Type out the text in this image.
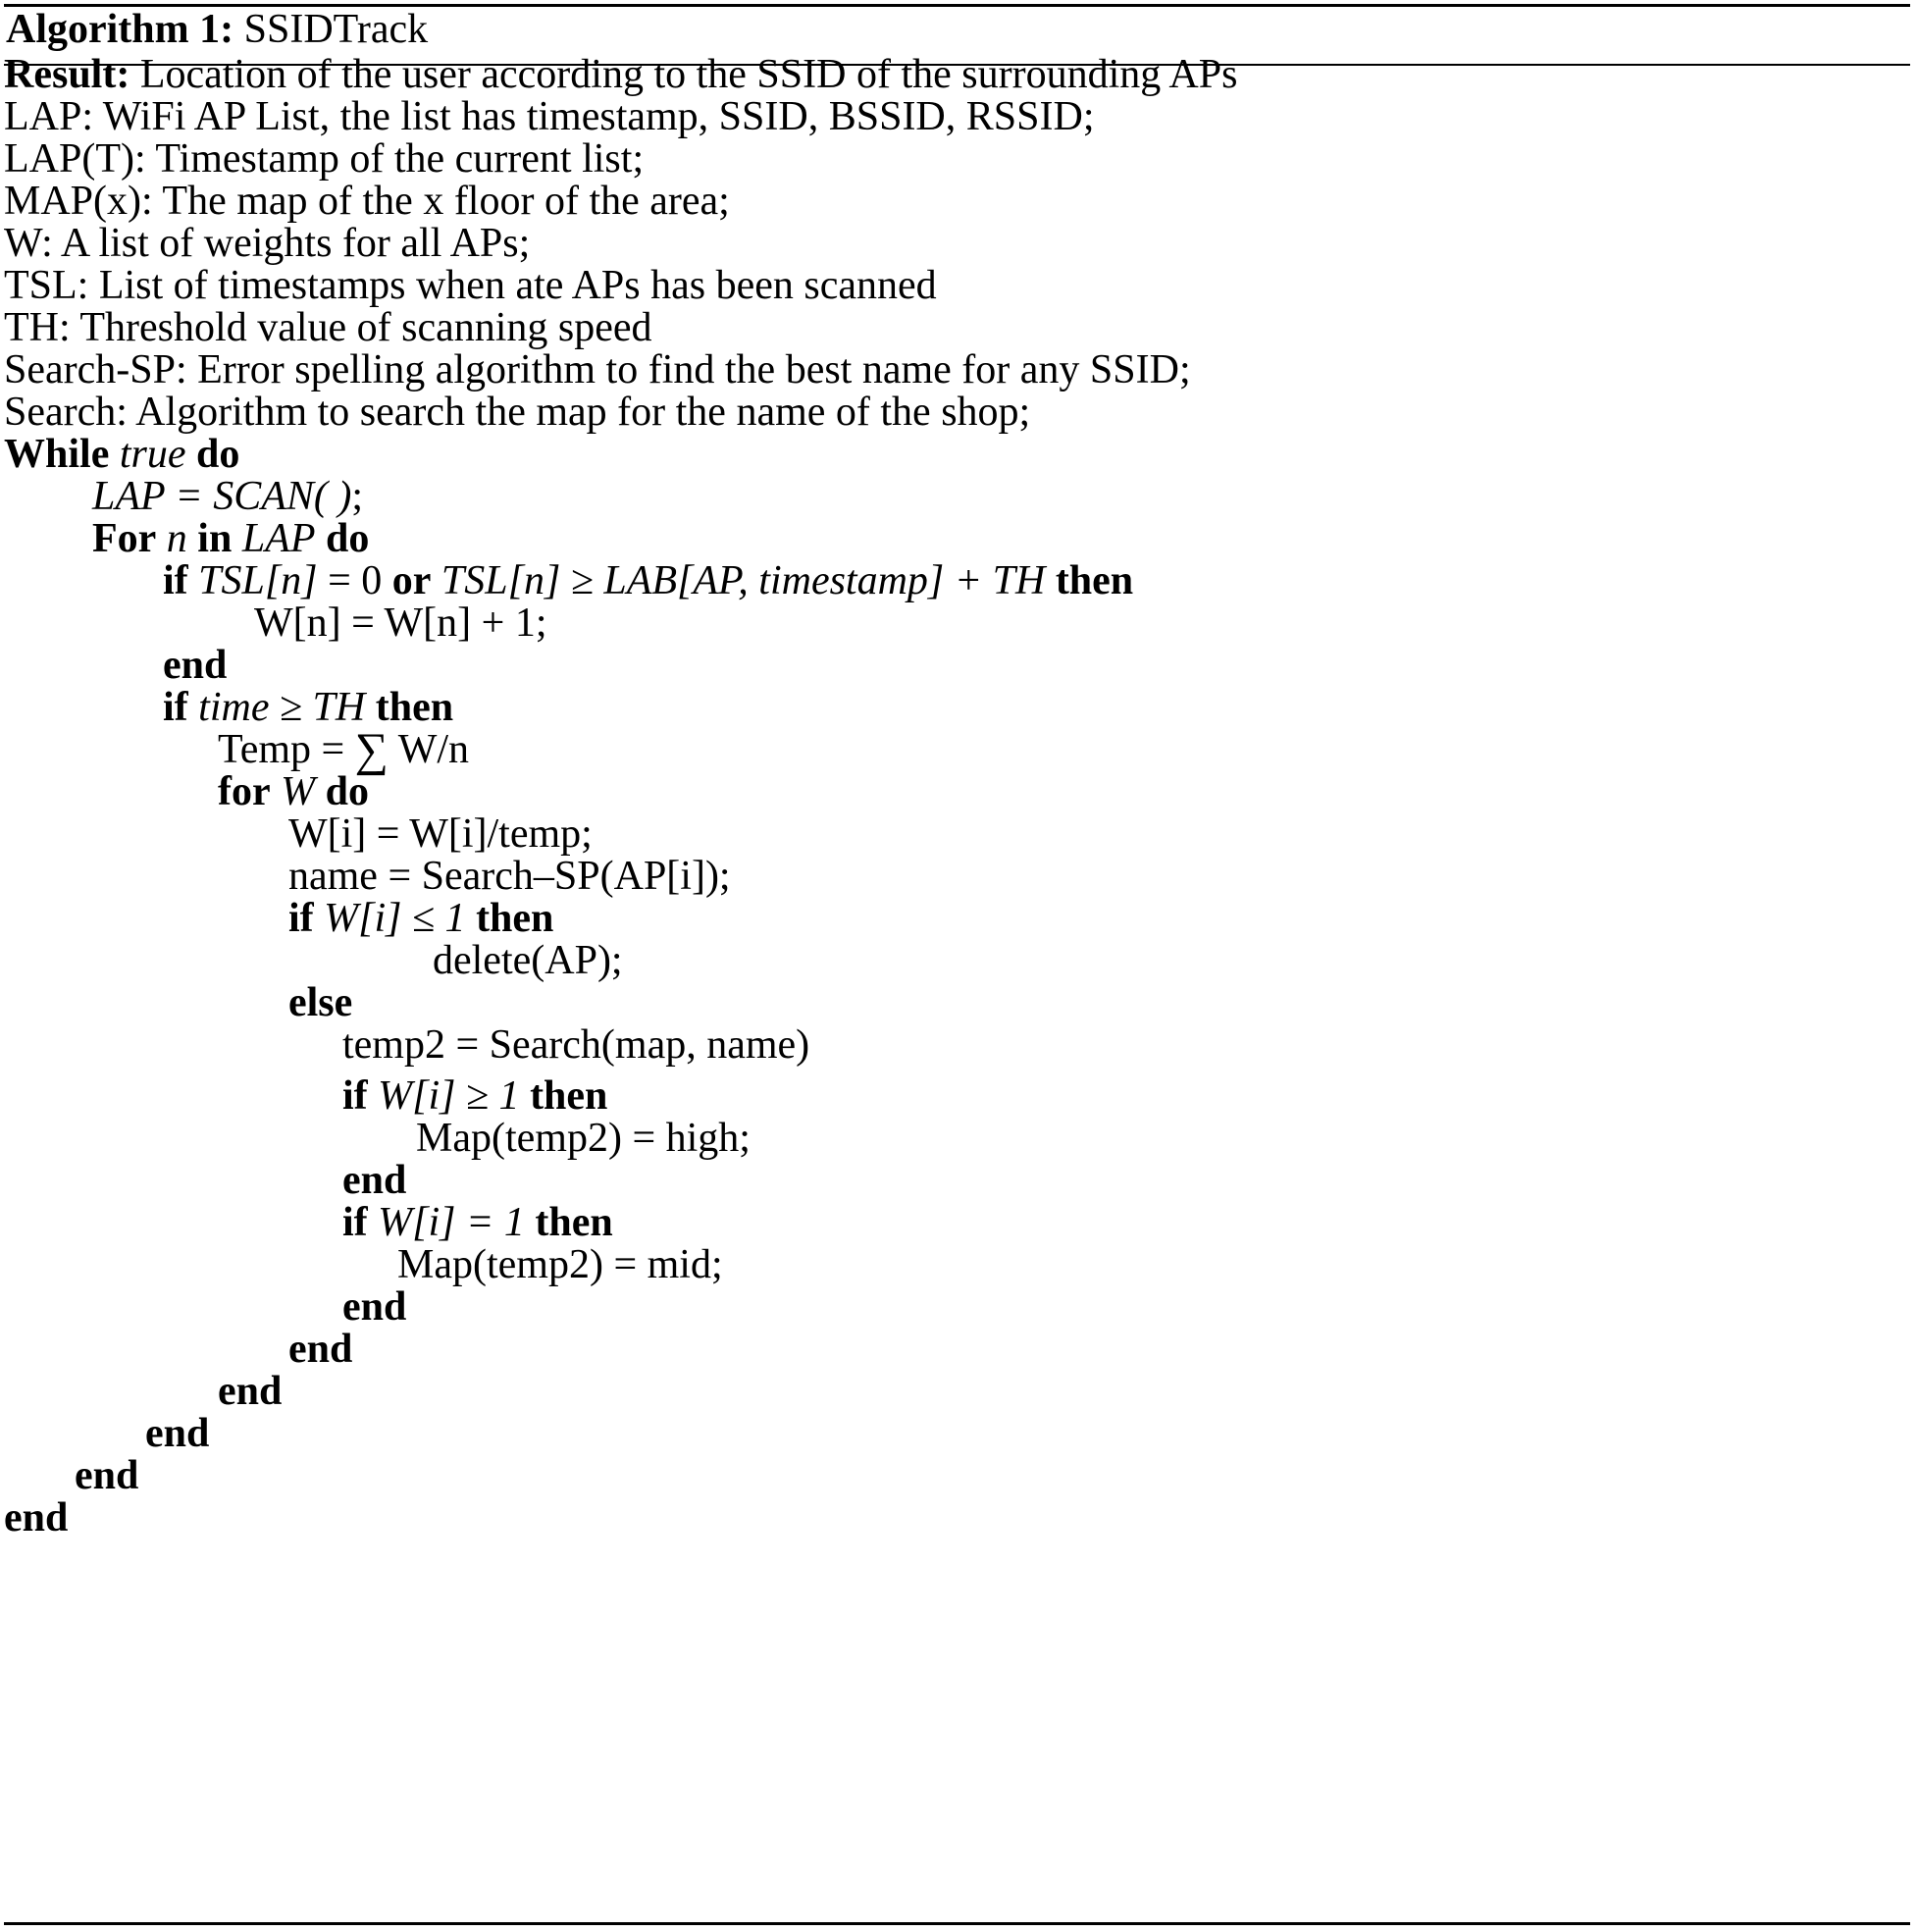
Algorithm 1: SSIDTrack
Result: Location of the user according to the SSID of the surrounding APs
LAP: WiFi AP List, the list has timestamp, SSID, BSSID, RSSID;
LAP(T): Timestamp of the current list;
MAP(x): The map of the x floor of the area;
W: A list of weights for all APs;
TSL: List of timestamps when ate APs has been scanned
TH: Threshold value of scanning speed
Search-SP: Error spelling algorithm to find the best name for any SSID;
Search: Algorithm to search the map for the name of the shop;
While true do
LAP = SCAN( );
For n in LAP do
if TSL[n] = 0 or TSL[n] ≥ LAB[AP, timestamp] + TH then
W[n] = W[n] + 1;
end
if time ≥ TH then
Temp = ∑ W/n
for W do
W[i] = W[i]/temp;
name = Search–SP(AP[i]);
if W[i] ≤ 1 then
delete(AP);
else
temp2 = Search(map, name)
if W[i] ≥ 1 then
Map(temp2) = high;
end
if W[i] = 1 then
Map(temp2) = mid;
end
end
end
end
end
end
